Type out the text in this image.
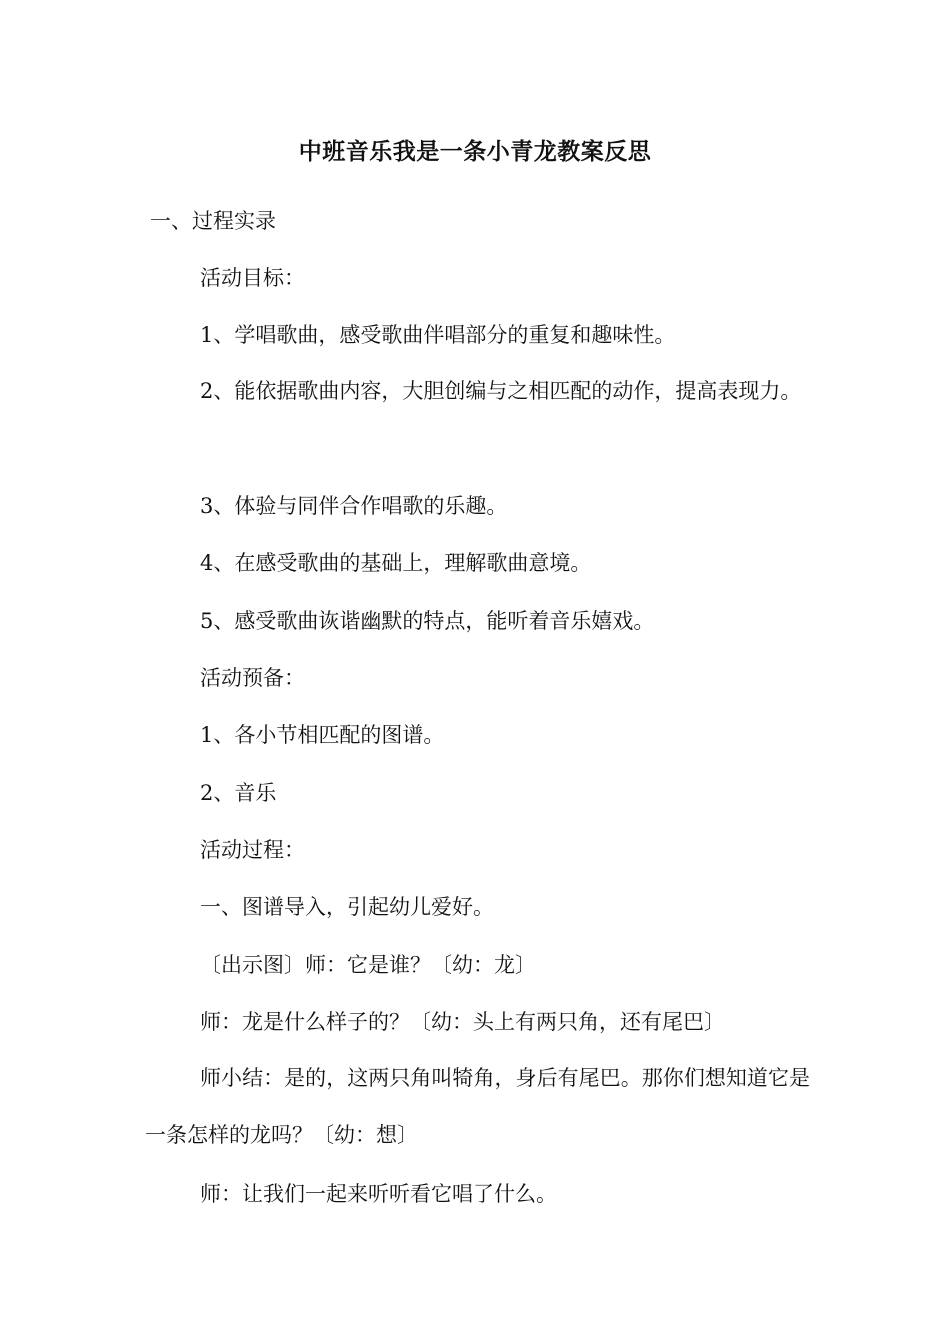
中班音乐我是一条小青龙教案反思

一、过程实录

活动目标：

1、学唱歌曲，感受歌曲伴唱部分的重复和趣味性。

2、能依据歌曲内容，大胆创编与之相匹配的动作，提高表现力。

3、体验与同伴合作唱歌的乐趣。

4、在感受歌曲的基础上，理解歌曲意境。

5、感受歌曲诙谐幽默的特点，能听着音乐嬉戏。

活动预备：

1、各小节相匹配的图谱。

2、音乐

活动过程：

一、图谱导入，引起幼儿爱好。

〔出示图〕师：它是谁？〔幼：龙〕

师：龙是什么样子的？〔幼：头上有两只角，还有尾巴〕

师小结：是的，这两只角叫犄角，身后有尾巴。那你们想知道它是一条怎样的龙吗？〔幼：想〕

师：让我们一起来听听看它唱了什么。
